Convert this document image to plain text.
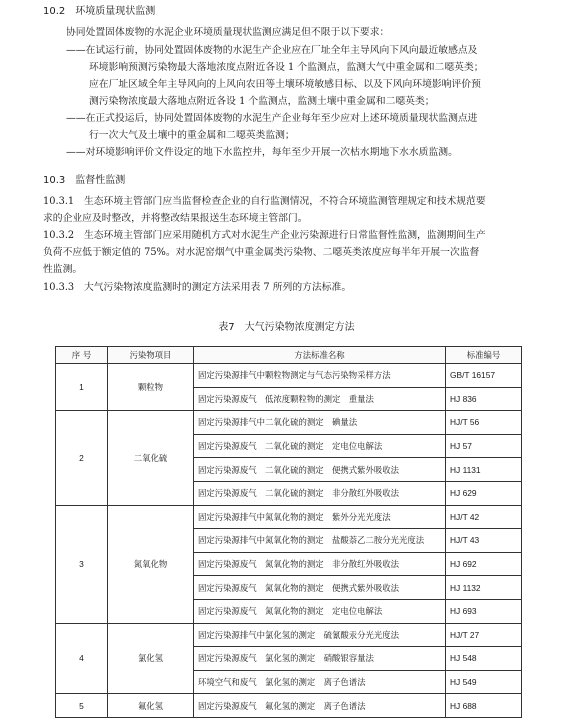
10.2　环境质量现状监测
协同处置固体废物的水泥企业环境质量现状监测应满足但不限于以下要求：
——在试运行前，协同处置固体废物的水泥生产企业应在厂址全年主导风向下风向最近敏感点及
环境影响预测污染物最大落地浓度点附近各设 1 个监测点，监测大气中重金属和二噁英类；
应在厂址区域全年主导风向的上风向农田等土壤环境敏感目标、以及下风向环境影响评价预
测污染物浓度最大落地点附近各设 1 个监测点，监测土壤中重金属和二噁英类；
——在正式投运后，协同处置固体废物的水泥生产企业每年至少应对上述环境质量现状监测点进
行一次大气及土壤中的重金属和二噁英类监测；
——对环境影响评价文件设定的地下水监控井，每年至少开展一次枯水期地下水水质监测。
10.3　监督性监测
10.3.1　生态环境主管部门应当监督检查企业的自行监测情况，不符合环境监测管理规定和技术规范要
求的企业应及时整改，并将整改结果报送生态环境主管部门。
10.3.2　生态环境主管部门应采用随机方式对水泥生产企业污染源进行日常监督性监测，监测期间生产
负荷不应低于额定值的 75%。对水泥窑烟气中重金属类污染物、二噁英类浓度应每半年开展一次监督
性监测。
10.3.3　大气污染物浓度监测时的测定方法采用表 7 所列的方法标准。
表7　大气污染物浓度测定方法
序 号	污染物项目	方法标准名称	标准编号
1	颗粒物	固定污染源排气中颗粒物测定与气态污染物采样方法	GB/T 16157
		固定污染源废气　低浓度颗粒物的测定　重量法	HJ 836
2	二氧化硫	固定污染源排气中二氧化硫的测定　碘量法	HJ/T 56
		固定污染源废气　二氧化硫的测定　定电位电解法	HJ 57
		固定污染源废气　二氧化硫的测定　便携式紫外吸收法	HJ 1131
		固定污染源废气　二氧化硫的测定　非分散红外吸收法	HJ 629
3	氮氧化物	固定污染源排气中氮氧化物的测定　紫外分光光度法	HJ/T 42
		固定污染源排气中氮氧化物的测定　盐酸萘乙二胺分光光度法	HJ/T 43
		固定污染源废气　氮氧化物的测定　非分散红外吸收法	HJ 692
		固定污染源废气　氮氧化物的测定　便携式紫外吸收法	HJ 1132
		固定污染源废气　氮氧化物的测定　定电位电解法	HJ 693
4	氯化氢	固定污染源排气中氯化氢的测定　硫氰酸汞分光光度法	HJ/T 27
		固定污染源废气　氯化氢的测定　硝酸银容量法	HJ 548
		环境空气和废气　氯化氢的测定　离子色谱法	HJ 549
5	氟化氢	固定污染源废气　氟化氢的测定　离子色谱法	HJ 688
